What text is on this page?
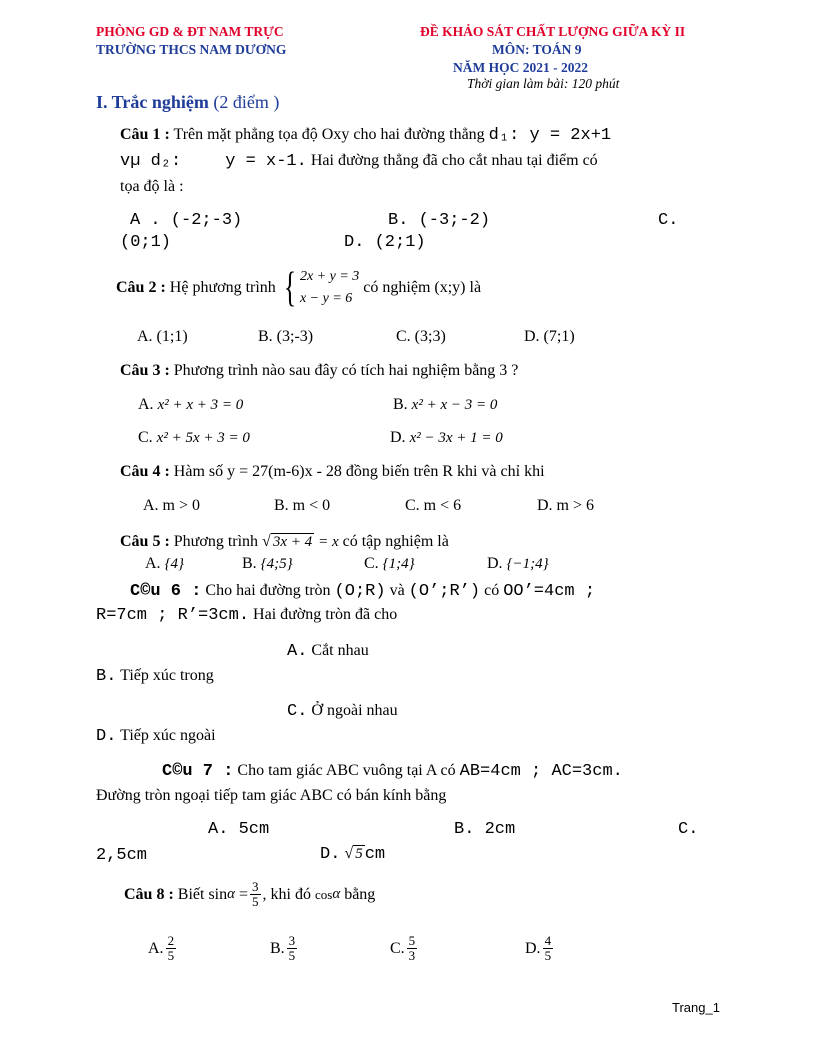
PHÒNG GD & ĐT NAM TRỰC
TRƯỜNG THCS NAM DƯƠNG
ĐỀ KHẢO SÁT CHẤT LƯỢNG GIỮA KỲ II
MÔN: TOÁN 9
NĂM HỌC 2021 - 2022
Thời gian làm bài: 120 phút
I. Trắc nghiệm (2 điểm )
Câu 1 : Trên mặt phẳng tọa độ Oxy cho hai đường thẳng d₁: y = 2x+1
vµ d₂:	y = x-1. Hai đường thẳng đã cho cắt nhau tại điểm có
tọa độ là :
A . (-2;-3)	B. (-3;-2)	C.
(0;1)	D. (2;1)
Câu 2 :
Hệ phương trình
{ 2x + y = 3
x − y = 6

có nghiệm (x;y) là
A. (1;1)	B. (3;-3)	C. (3;3)	D. (7;1)
Câu 3 : Phương trình nào sau đây có tích hai nghiệm bằng 3 ?
A. x² + x + 3 = 0	B. x² + x − 3 = 0
C. x² + 5x + 3 = 0	D. x² − 3x + 1 = 0
Câu 4 : Hàm số y = 27(m-6)x - 28 đồng biến trên R khi và chỉ khi
A. m > 0	B. m < 0	C. m < 6	D. m > 6
Câu 5 : Phương trình √ 3x + 4 = x có tập nghiệm là
A. {4}	B. {4;5}	C. {1;4}	D. {−1;4}
C©u 6 : Cho hai đường tròn (O;R) và (O’;R’) có OO’=4cm ;
R=7cm ; R’=3cm. Hai đường tròn đã cho
A. Cắt nhau
B. Tiếp xúc trong
C. Ở ngoài nhau
D. Tiếp xúc ngoài
C©u 7 : Cho tam giác ABC vuông tại A có AB=4cm ; AC=3cm.
Đường tròn ngoại tiếp tam giác ABC có bán kính bằng
A. 5cm	B. 2cm	C.
2,5cm	D. √ 5 cm
Câu 8 :
Biết sin α
= $\frac{3}{5}$ , khi đó
cos α
bằng
A. $\frac{2}{5}$	B. $\frac{3}{5}$	C. $\frac{5}{3}$	D. $\frac{4}{5}$
Trang_1
